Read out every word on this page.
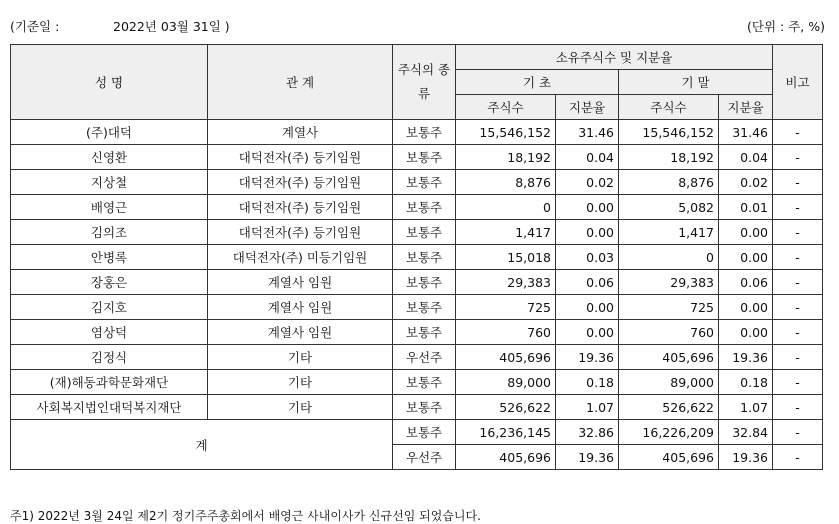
(기준일 :	2022년 03월 31일 )	(단위 : 주, %)
성 명	관 계	주식의 종류	소유주식수 및 지분율				비고
			기 초		기 말		
			주식수	지분율	주식수	지분율	
(주)대덕	계열사	보통주	15,546,152	31.46	15,546,152	31.46	-
신영환	대덕전자(주) 등기임원	보통주	18,192	0.04	18,192	0.04	-
지상철	대덕전자(주) 등기임원	보통주	8,876	0.02	8,876	0.02	-
배영근	대덕전자(주) 등기임원	보통주	0	0.00	5,082	0.01	-
김의조	대덕전자(주) 등기임원	보통주	1,417	0.00	1,417	0.00	-
안병록	대덕전자(주) 미등기임원	보통주	15,018	0.03	0	0.00	-
장홍은	계열사 임원	보통주	29,383	0.06	29,383	0.06	-
김지호	계열사 임원	보통주	725	0.00	725	0.00	-
염상덕	계열사 임원	보통주	760	0.00	760	0.00	-
김정식	기타	우선주	405,696	19.36	405,696	19.36	-
(재)해동과학문화재단	기타	보통주	89,000	0.18	89,000	0.18	-
사회복지법인대덕복지재단	기타	보통주	526,622	1.07	526,622	1.07	-
계		보통주	16,236,145	32.86	16,226,209	32.84	-
		우선주	405,696	19.36	405,696	19.36	-
주1) 2022년 3월 24일 제2기 정기주주총회에서 배영근 사내이사가 신규선임 되었습니다.
